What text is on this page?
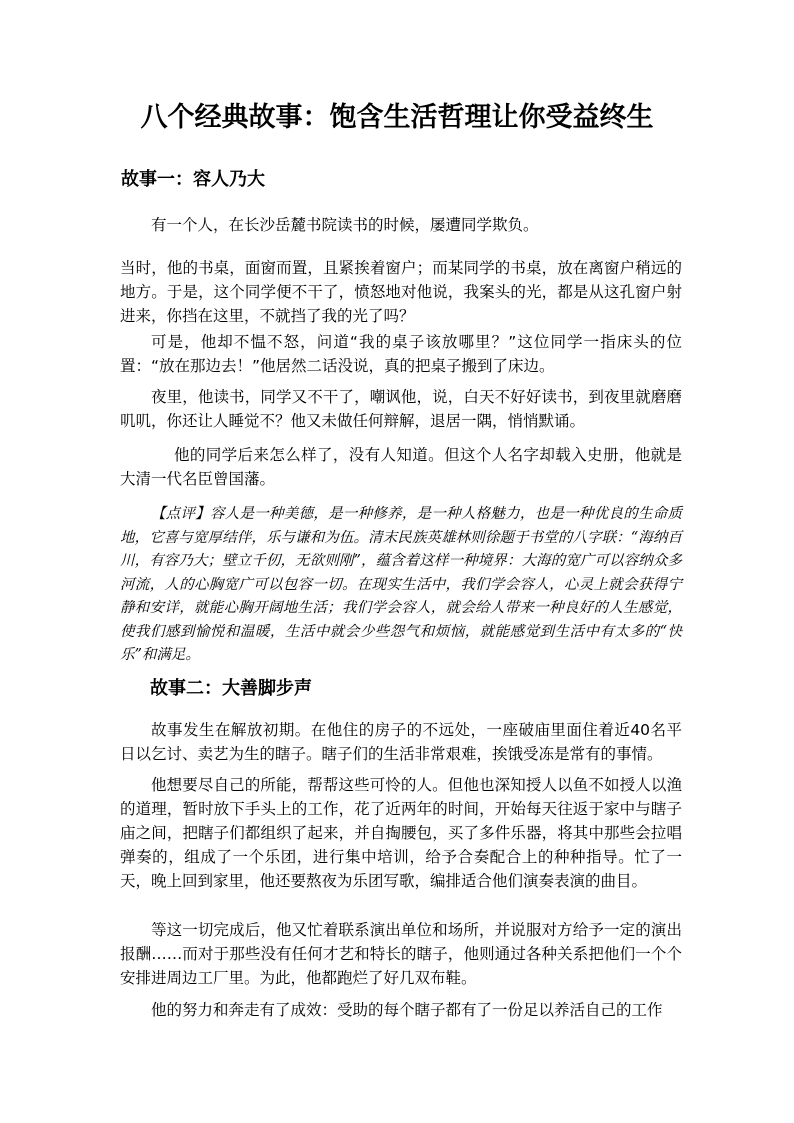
八个经典故事：饱含生活哲理让你受益终生
故事一：容人乃大

有一个人，在长沙岳麓书院读书的时候，屡遭同学欺负。

当时，他的书桌，面窗而置，且紧挨着窗户；而某同学的书桌，放在离窗户稍远的地方。于是，这个同学便不干了，愤怒地对他说，我案头的光，都是从这孔窗户射进来，你挡在这里，不就挡了我的光了吗？

可是，他却不愠不怒，问道“我的桌子该放哪里？”这位同学一指床头的位置：“放在那边去！”他居然二话没说，真的把桌子搬到了床边。

夜里，他读书，同学又不干了，嘲讽他，说，白天不好好读书，到夜里就磨磨叽叽，你还让人睡觉不？他又未做任何辩解，退居一隅，悄悄默诵。

他的同学后来怎么样了，没有人知道。但这个人名字却载入史册，他就是大清一代名臣曾国藩。

【点评】容人是一种美德，是一种修养，是一种人格魅力，也是一种优良的生命质地，它喜与宽厚结伴，乐与谦和为伍。清末民族英雄林则徐题于书堂的八字联：“海纳百川，有容乃大；壁立千仞，无欲则刚”，蕴含着这样一种境界：大海的宽广可以容纳众多河流，人的心胸宽广可以包容一切。在现实生活中，我们学会容人，心灵上就会获得宁静和安详，就能心胸开阔地生活；我们学会容人，就会给人带来一种良好的人生感觉，使我们感到愉悦和温暖，生活中就会少些怨气和烦恼，就能感觉到生活中有太多的“快乐”和满足。

故事二：大善脚步声

故事发生在解放初期。在他住的房子的不远处，一座破庙里面住着近40名平日以乞讨、卖艺为生的瞎子。瞎子们的生活非常艰难，挨饿受冻是常有的事情。

他想要尽自己的所能，帮帮这些可怜的人。但他也深知授人以鱼不如授人以渔的道理，暂时放下手头上的工作，花了近两年的时间，开始每天往返于家中与瞎子庙之间，把瞎子们都组织了起来，并自掏腰包，买了多件乐器，将其中那些会拉唱弹奏的，组成了一个乐团，进行集中培训，给予合奏配合上的种种指导。忙了一天，晚上回到家里，他还要熬夜为乐团写歌，编排适合他们演奏表演的曲目。

等这一切完成后，他又忙着联系演出单位和场所，并说服对方给予一定的演出报酬……而对于那些没有任何才艺和特长的瞎子，他则通过各种关系把他们一个个安排进周边工厂里。为此，他都跑烂了好几双布鞋。

他的努力和奔走有了成效：受助的每个瞎子都有了一份足以养活自己的工作
